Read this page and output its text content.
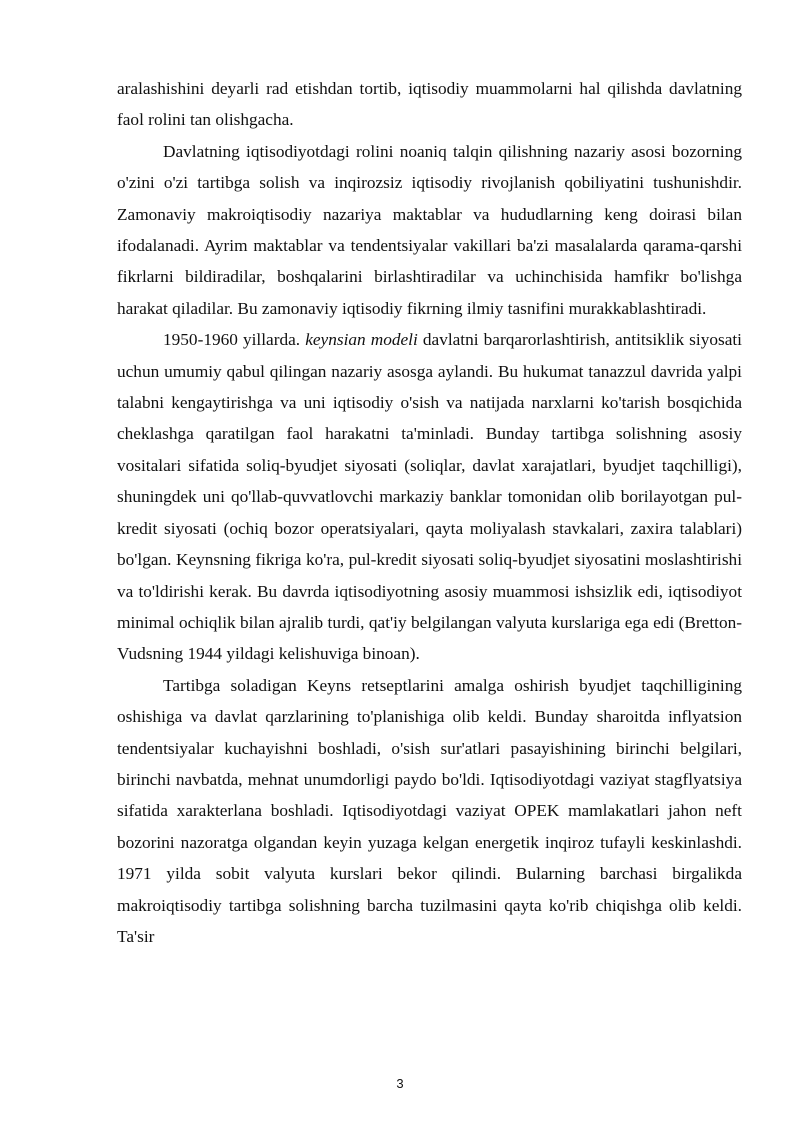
aralashishini deyarli rad etishdan tortib, iqtisodiy muammolarni hal qilishda davlatning faol rolini tan olishgacha.

Davlatning iqtisodiyotdagi rolini noaniq talqin qilishning nazariy asosi bozorning o'zini o'zi tartibga solish va inqirozsiz iqtisodiy rivojlanish qobiliyatini tushunishdir. Zamonaviy makroiqtisodiy nazariya maktablar va hududlarning keng doirasi bilan ifodalanadi. Ayrim maktablar va tendentsiyalar vakillari ba'zi masalalarda qarama-qarshi fikrlarni bildiradilar, boshqalarini birlashtiradilar va uchinchisida hamfikr bo'lishga harakat qiladilar. Bu zamonaviy iqtisodiy fikrning ilmiy tasnifini murakkablashtiradi.

1950-1960 yillarda. keynsian modeli davlatni barqarorlashtirish, antitsiklik siyosati uchun umumiy qabul qilingan nazariy asosga aylandi. Bu hukumat tanazzul davrida yalpi talabni kengaytirishga va uni iqtisodiy o'sish va natijada narxlarni ko'tarish bosqichida cheklashga qaratilgan faol harakatni ta'minladi. Bunday tartibga solishning asosiy vositalari sifatida soliq-byudjet siyosati (soliqlar, davlat xarajatlari, byudjet taqchilligi), shuningdek uni qo'llab-quvvatlovchi markaziy banklar tomonidan olib borilayotgan pul-kredit siyosati (ochiq bozor operatsiyalari, qayta moliyalash stavkalari, zaxira talablari) bo'lgan. Keynsning fikriga ko'ra, pul-kredit siyosati soliq-byudjet siyosatini moslashtirishi va to'ldirishi kerak. Bu davrda iqtisodiyotning asosiy muammosi ishsizlik edi, iqtisodiyot minimal ochiqlik bilan ajralib turdi, qat'iy belgilangan valyuta kurslariga ega edi (Bretton-Vudsning 1944 yildagi kelishuviga binoan).

Tartibga soladigan Keyns retseptlarini amalga oshirish byudjet taqchilligining oshishiga va davlat qarzlarining to'planishiga olib keldi. Bunday sharoitda inflyatsion tendentsiyalar kuchayishni boshladi, o'sish sur'atlari pasayishining birinchi belgilari, birinchi navbatda, mehnat unumdorligi paydo bo'ldi. Iqtisodiyotdagi vaziyat stagflyatsiya sifatida xarakterlana boshladi. Iqtisodiyotdagi vaziyat OPEK mamlakatlari jahon neft bozorini nazoratga olgandan keyin yuzaga kelgan energetik inqiroz tufayli keskinlashdi. 1971 yilda sobit valyuta kurslari bekor qilindi. Bularning barchasi birgalikda makroiqtisodiy tartibga solishning barcha tuzilmasini qayta ko'rib chiqishga olib keldi. Ta'sir

3
